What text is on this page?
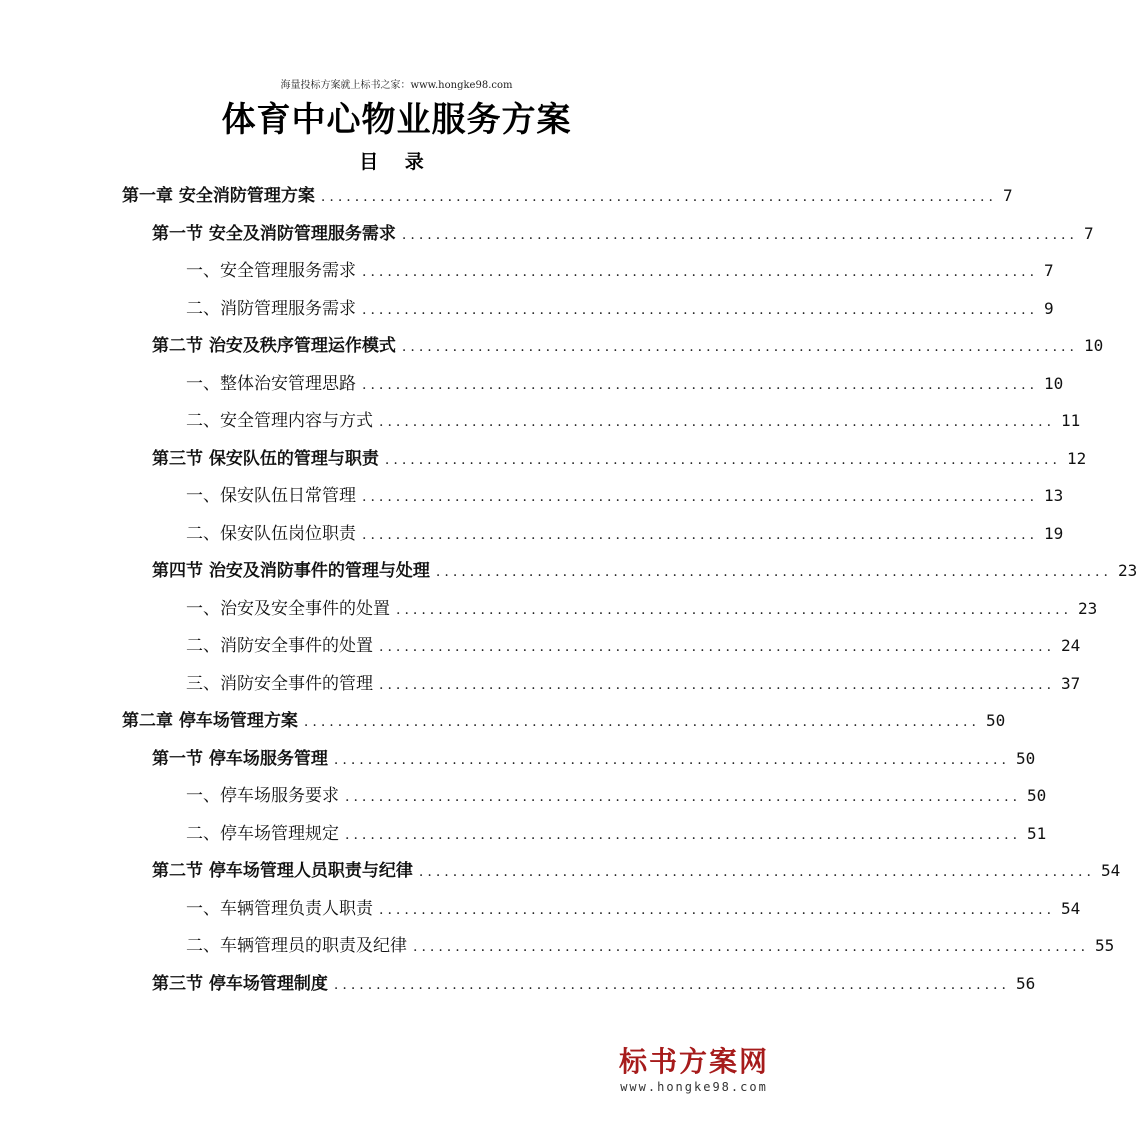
海量投标方案就上标书之家：www.hongke98.com
体育中心物业服务方案
目 录
第一章 安全消防管理方案 ................................................................................ 7
第一节 安全及消防管理服务需求 ................................................................................ 7
一、安全管理服务需求 ................................................................................ 7
二、消防管理服务需求 ................................................................................ 9
第二节 治安及秩序管理运作模式 ................................................................................ 10
一、整体治安管理思路 ................................................................................ 10
二、安全管理内容与方式 ................................................................................ 11
第三节 保安队伍的管理与职责 ................................................................................ 12
一、保安队伍日常管理 ................................................................................ 13
二、保安队伍岗位职责 ................................................................................ 19
第四节 治安及消防事件的管理与处理 ................................................................................ 23
一、治安及安全事件的处置 ................................................................................ 23
二、消防安全事件的处置 ................................................................................ 24
三、消防安全事件的管理 ................................................................................ 37
第二章 停车场管理方案 ................................................................................ 50
第一节 停车场服务管理 ................................................................................ 50
一、停车场服务要求 ................................................................................ 50
二、停车场管理规定 ................................................................................ 51
第二节 停车场管理人员职责与纪律 ................................................................................ 54
一、车辆管理负责人职责 ................................................................................ 54
二、车辆管理员的职责及纪律 ................................................................................ 55
第三节 停车场管理制度 ................................................................................ 56
标书方案网
www.hongke98.com
